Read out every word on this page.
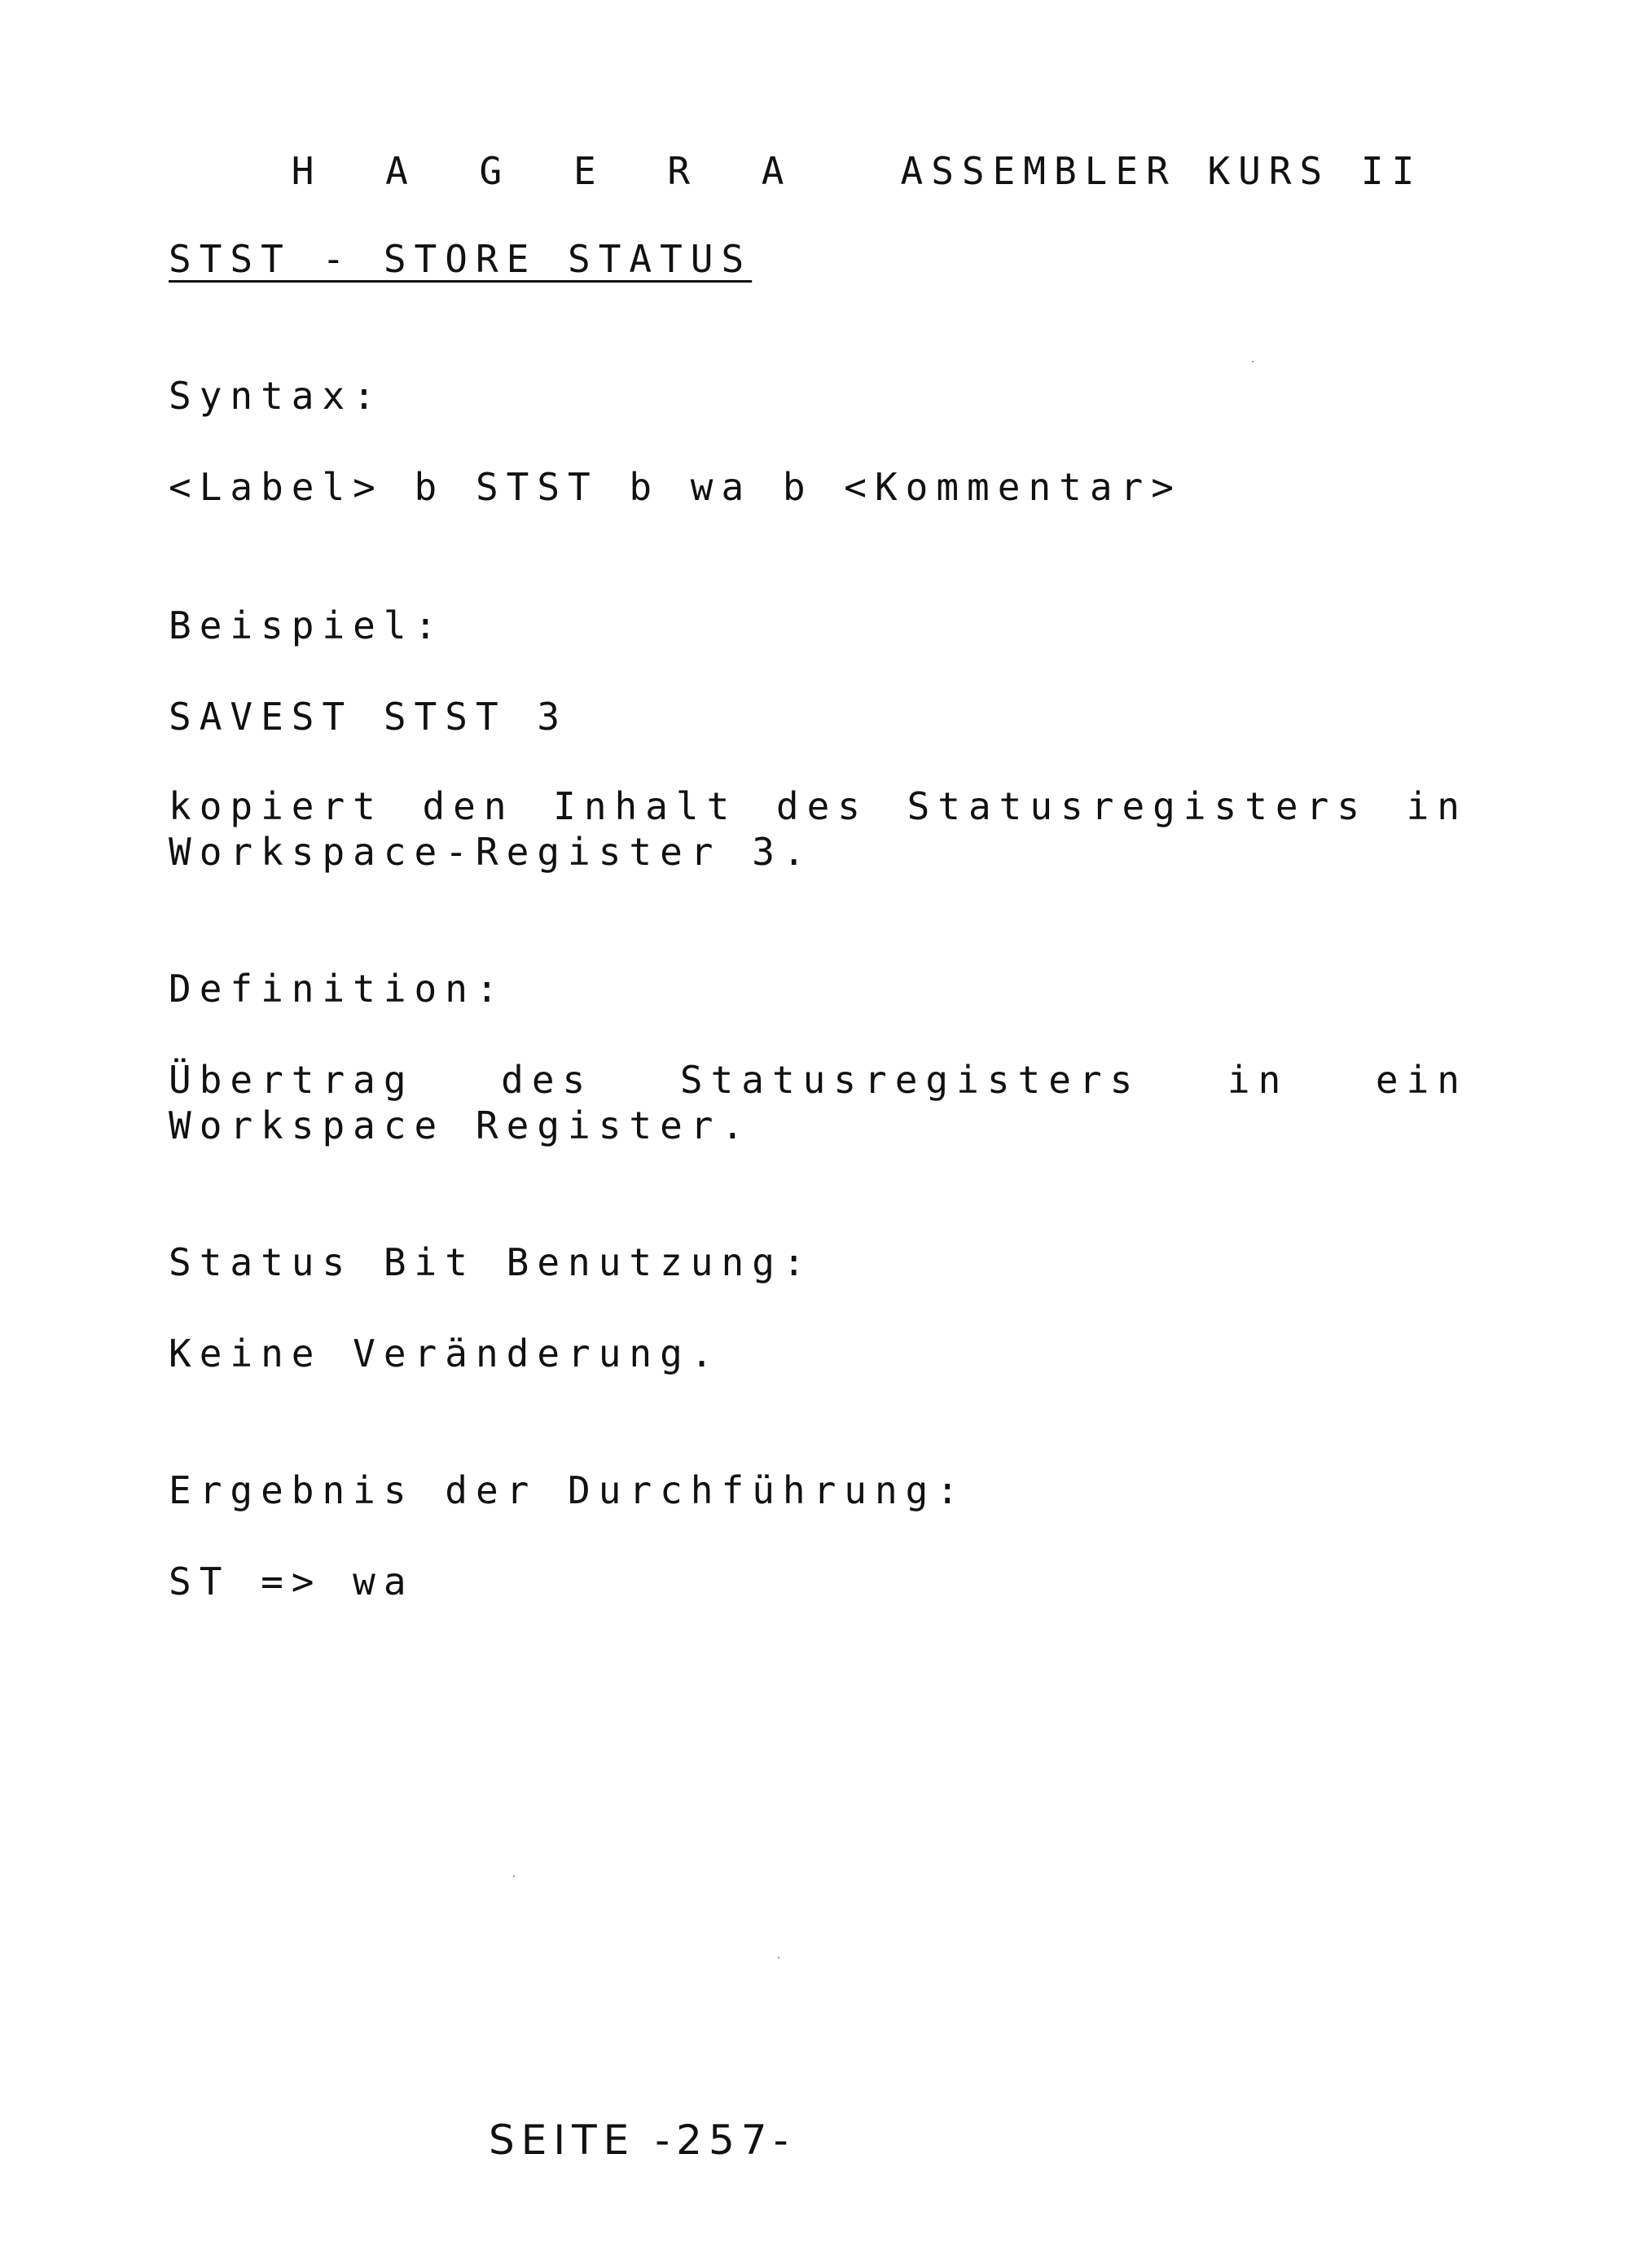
H A G E R A ASSEMBLER KURS II

STST - STORE STATUS
Syntax:
<Label> b STST b wa b <Kommentar>
Beispiel:
SAVEST STST 3
kopiert den Inhalt des Statusregisters in
Workspace-Register 3.
Definition:
Übertrag des Statusregisters in ein
Workspace Register.
Status Bit Benutzung:
Keine Veränderung.
Ergebnis der Durchführung:
ST => wa
SEITE -257-
